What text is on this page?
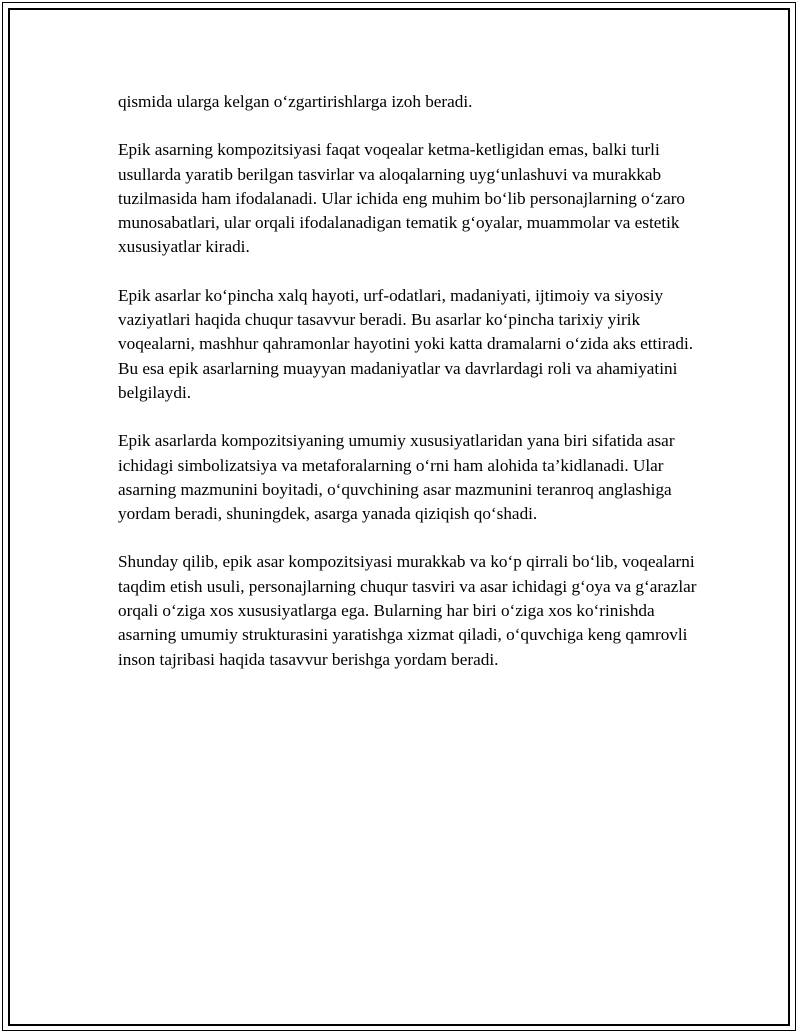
qismida ularga kelgan o‘zgartirishlarga izoh beradi.

Epik asarning kompozitsiyasi faqat voqealar ketma-ketligidan emas, balki turli usullarda yaratib berilgan tasvirlar va aloqalarning uyg‘unlashuvi va murakkab tuzilmasida ham ifodalanadi. Ular ichida eng muhim bo‘lib personajlarning o‘zaro munosabatlari, ular orqali ifodalanadigan tematik g‘oyalar, muammolar va estetik xususiyatlar kiradi.

Epik asarlar ko‘pincha xalq hayoti, urf-odatlari, madaniyati, ijtimoiy va siyosiy vaziyatlari haqida chuqur tasavvur beradi. Bu asarlar ko‘pincha tarixiy yirik voqealarni, mashhur qahramonlar hayotini yoki katta dramalarni o‘zida aks ettiradi. Bu esa epik asarlarning muayyan madaniyatlar va davrlardagi roli va ahamiyatini belgilaydi.

Epik asarlarda kompozitsiyaning umumiy xususiyatlaridan yana biri sifatida asar ichidagi simbolizatsiya va metaforalarning o‘rni ham alohida ta’kidlanadi. Ular asarning mazmunini boyitadi, o‘quvchining asar mazmunini teranroq anglashiga yordam beradi, shuningdek, asarga yanada qiziqish qo‘shadi.

Shunday qilib, epik asar kompozitsiyasi murakkab va ko‘p qirrali bo‘lib, voqealarni taqdim etish usuli, personajlarning chuqur tasviri va asar ichidagi g‘oya va g‘arazlar orqali o‘ziga xos xususiyatlarga ega. Bularning har biri o‘ziga xos ko‘rinishda asarning umumiy strukturasini yaratishga xizmat qiladi, o‘quvchiga keng qamrovli inson tajribasi haqida tasavvur berishga yordam beradi.
